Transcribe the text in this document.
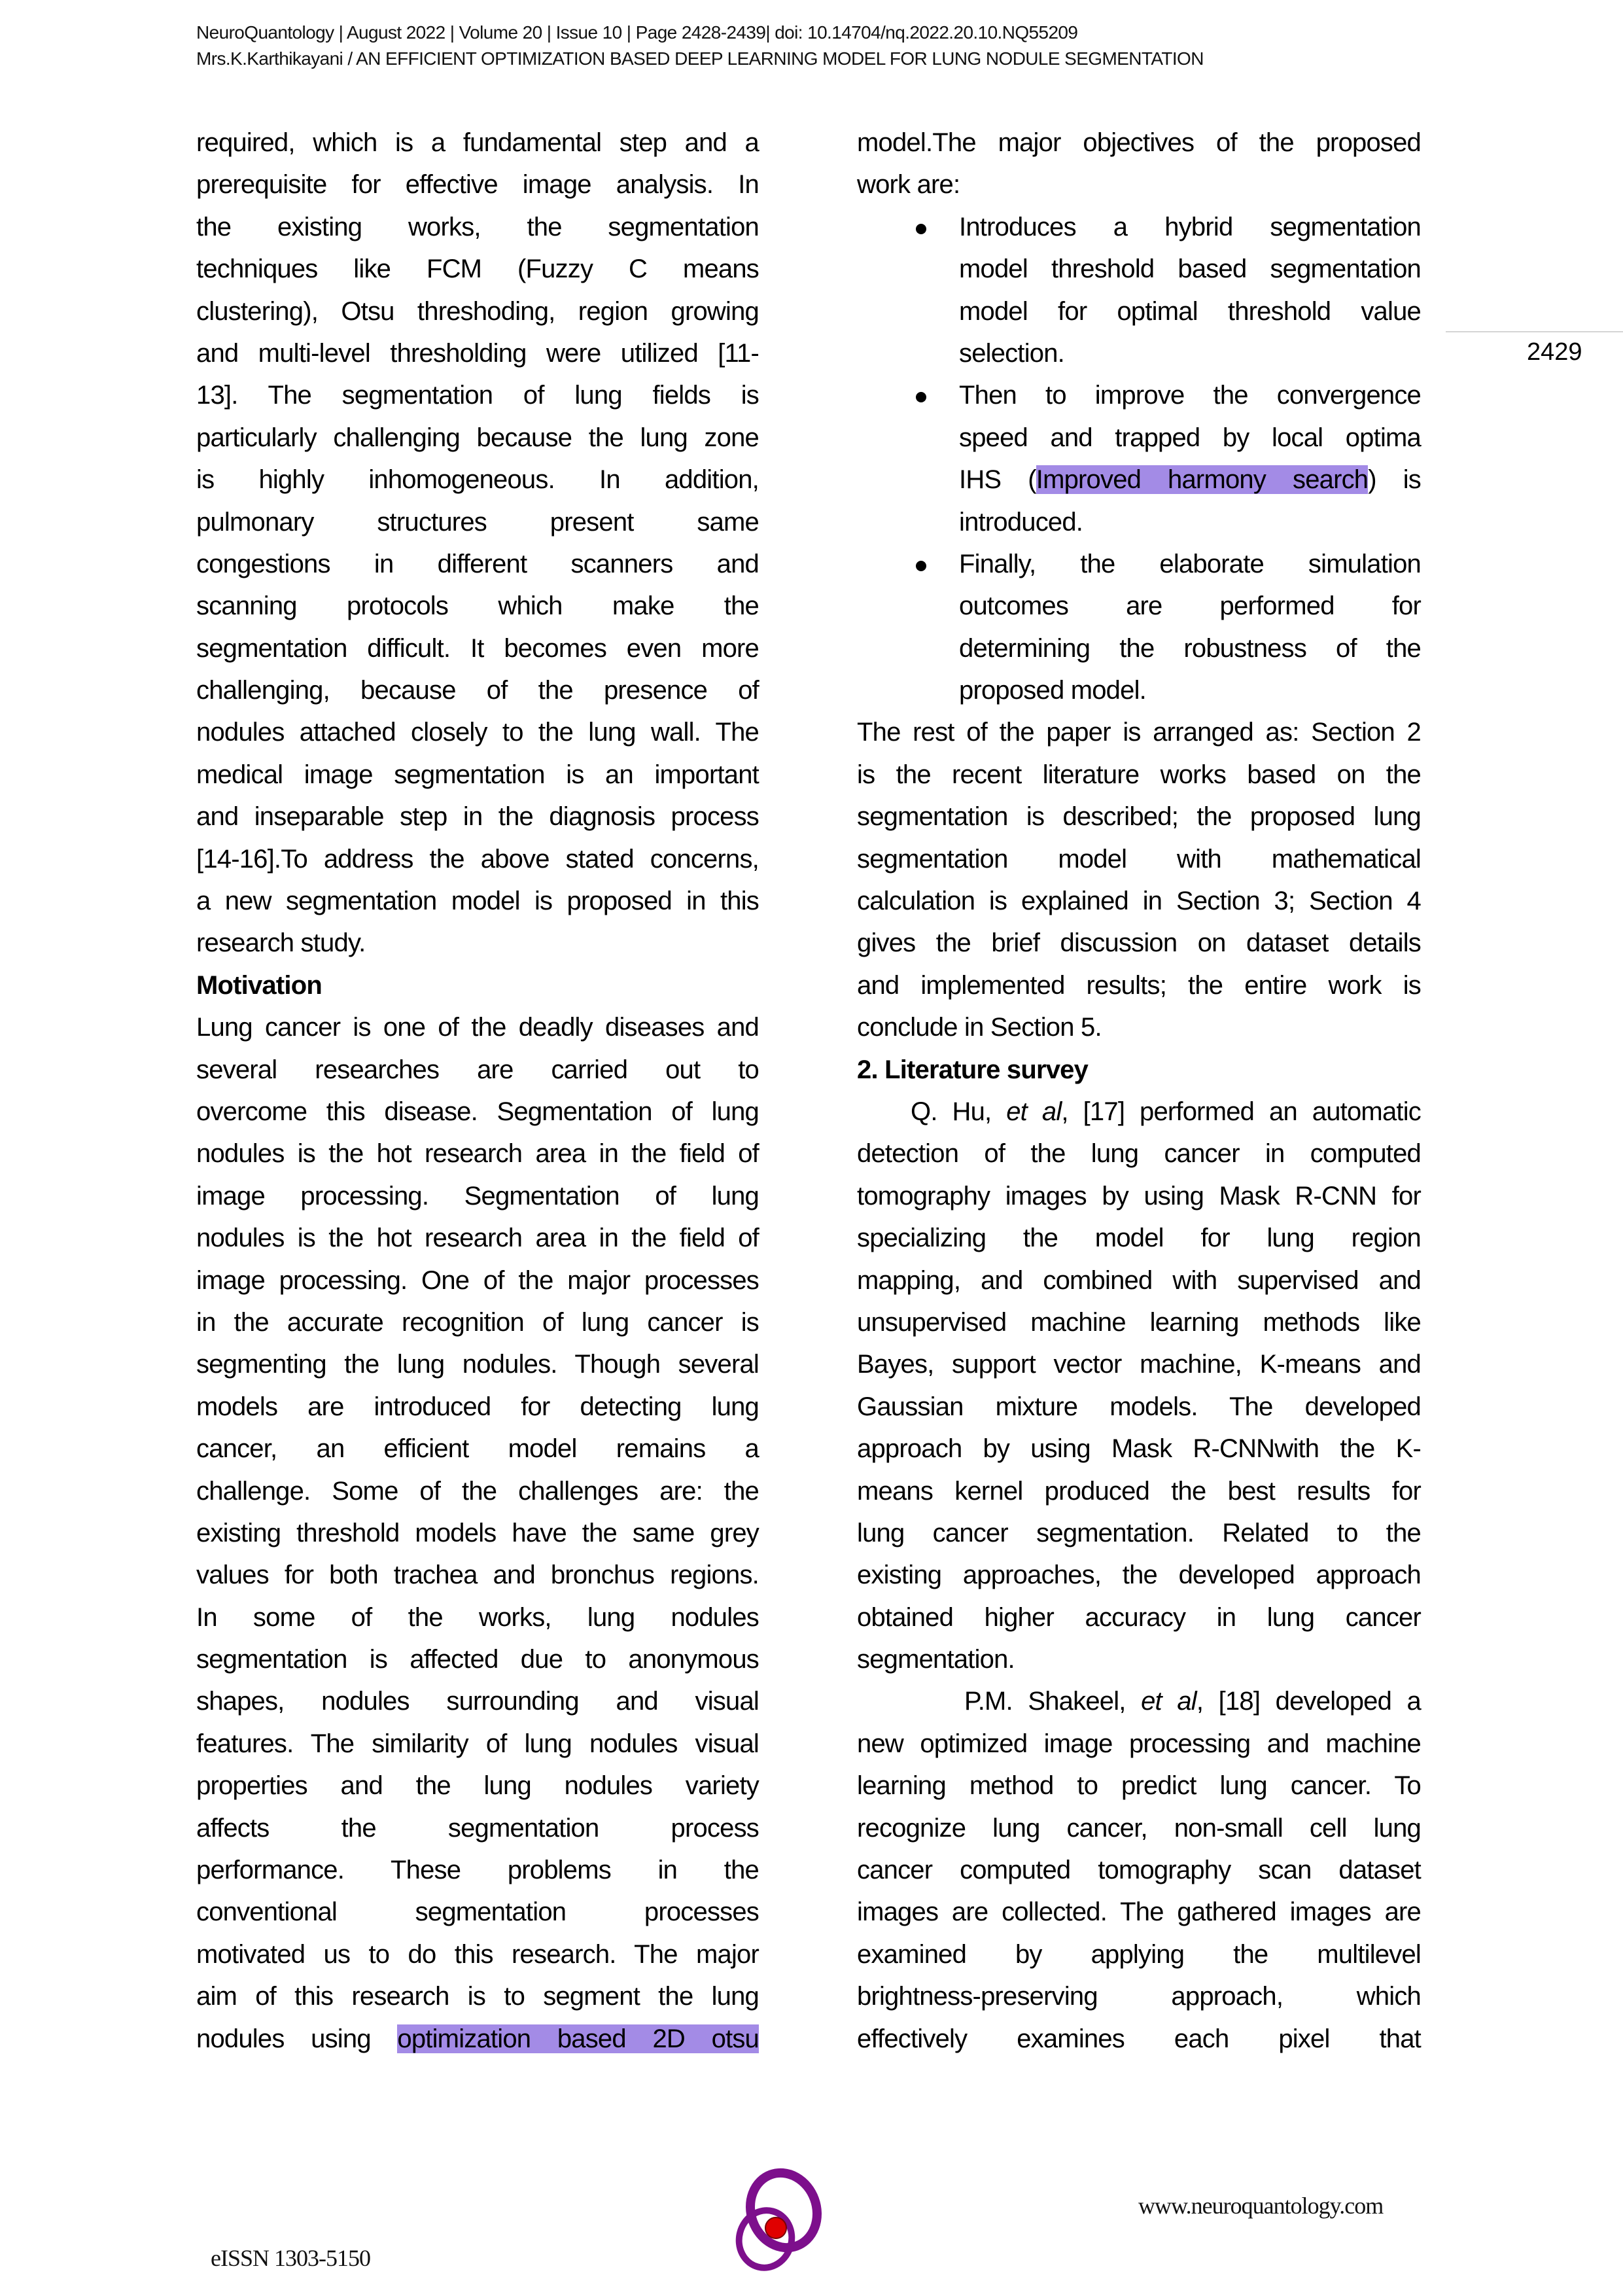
NeuroQuantology | August 2022 | Volume 20 | Issue 10 | Page 2428-2439| doi: 10.14704/nq.2022.20.10.NQ55209
Mrs.K.Karthikayani / AN EFFICIENT OPTIMIZATION BASED DEEP LEARNING MODEL FOR LUNG NODULE SEGMENTATION
2429
required, which is a fundamental step and a
prerequisite for effective image analysis. In
the existing works, the segmentation
techniques like FCM (Fuzzy C means
clustering), Otsu threshoding, region growing
and multi-level thresholding were utilized [11-
13]. The segmentation of lung fields is
particularly challenging because the lung zone
is highly inhomogeneous. In addition,
pulmonary structures present same
congestions in different scanners and
scanning protocols which make the
segmentation difficult. It becomes even more
challenging, because of the presence of
nodules attached closely to the lung wall. The
medical image segmentation is an important
and inseparable step in the diagnosis process
[14-16].To address the above stated concerns,
a new segmentation model is proposed in this
research study.
Motivation
Lung cancer is one of the deadly diseases and
several researches are carried out to
overcome this disease. Segmentation of lung
nodules is the hot research area in the field of
image processing. Segmentation of lung
nodules is the hot research area in the field of
image processing. One of the major processes
in the accurate recognition of lung cancer is
segmenting the lung nodules. Though several
models are introduced for detecting lung
cancer, an efficient model remains a
challenge. Some of the challenges are: the
existing threshold models have the same grey
values for both trachea and bronchus regions.
In some of the works, lung nodules
segmentation is affected due to anonymous
shapes, nodules surrounding and visual
features. The similarity of lung nodules visual
properties and the lung nodules variety
affects the segmentation process
performance. These problems in the
conventional segmentation processes
motivated us to do this research. The major
aim of this research is to segment the lung
nodules using optimization based 2D otsu
model.The major objectives of the proposed
work are:
Introduces a hybrid segmentation
model threshold based segmentation
model for optimal threshold value
selection.
Then to improve the convergence
speed and trapped by local optima
IHS (Improved harmony search) is
introduced.
Finally, the elaborate simulation
outcomes are performed for
determining the robustness of the
proposed model.
The rest of the paper is arranged as: Section 2
is the recent literature works based on the
segmentation is described; the proposed lung
segmentation model with mathematical
calculation is explained in Section 3; Section 4
gives the brief discussion on dataset details
and implemented results; the entire work is
conclude in Section 5.
2. Literature survey
Q. Hu, et al, [17] performed an automatic
detection of the lung cancer in computed
tomography images by using Mask R-CNN for
specializing the model for lung region
mapping, and combined with supervised and
unsupervised machine learning methods like
Bayes, support vector machine, K-means and
Gaussian mixture models. The developed
approach by using Mask R-CNNwith the K-
means kernel produced the best results for
lung cancer segmentation. Related to the
existing approaches, the developed approach
obtained higher accuracy in lung cancer
segmentation.
P.M. Shakeel, et al, [18] developed a
new optimized image processing and machine
learning method to predict lung cancer. To
recognize lung cancer, non-small cell lung
cancer computed tomography scan dataset
images are collected. The gathered images are
examined by applying the multilevel
brightness-preserving approach, which
effectively examines each pixel that
www.neuroquantology.com
eISSN 1303-5150
